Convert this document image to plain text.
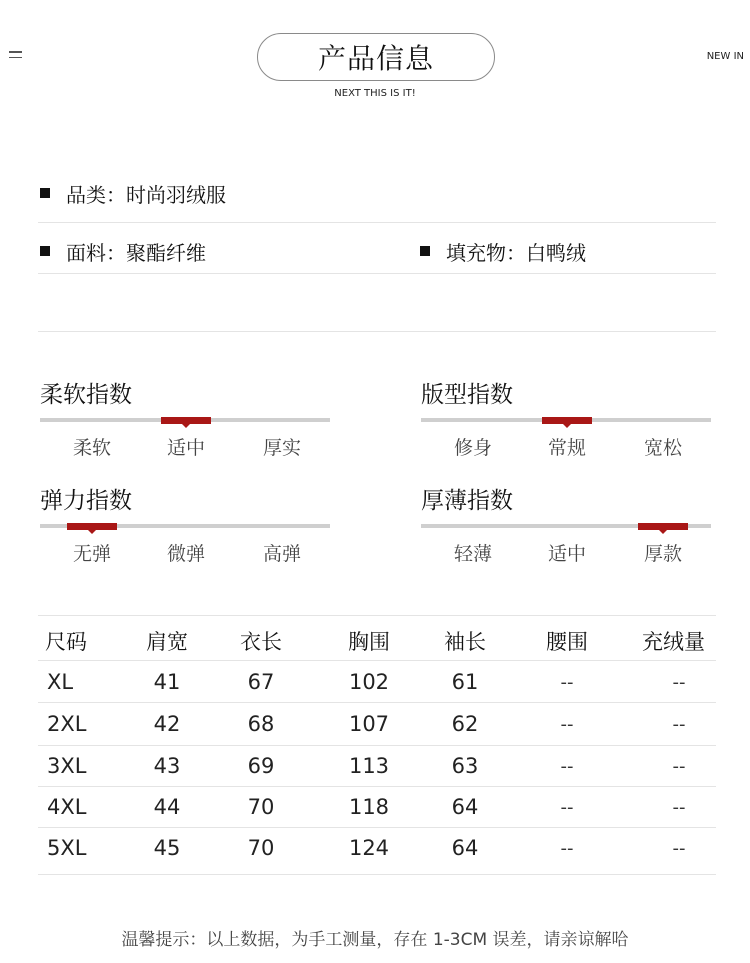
产品信息
NEXT THIS IS IT!
NEW IN
品类：时尚羽绒服
面料：聚酯纤维	填充物：白鸭绒
柔软指数
柔软	适中	厚实
版型指数
修身	常规	宽松
弹力指数
无弹	微弹	高弹
厚薄指数
轻薄	适中	厚款
尺码	肩宽	衣长	胸围	袖长	腰围	充绒量
XL	41	67	102	61	--	--
2XL	42	68	107	62	--	--
3XL	43	69	113	63	--	--
4XL	44	70	118	64	--	--
5XL	45	70	124	64	--	--
温馨提示：以上数据，为手工测量，存在 1-3CM 误差，请亲谅解哈
